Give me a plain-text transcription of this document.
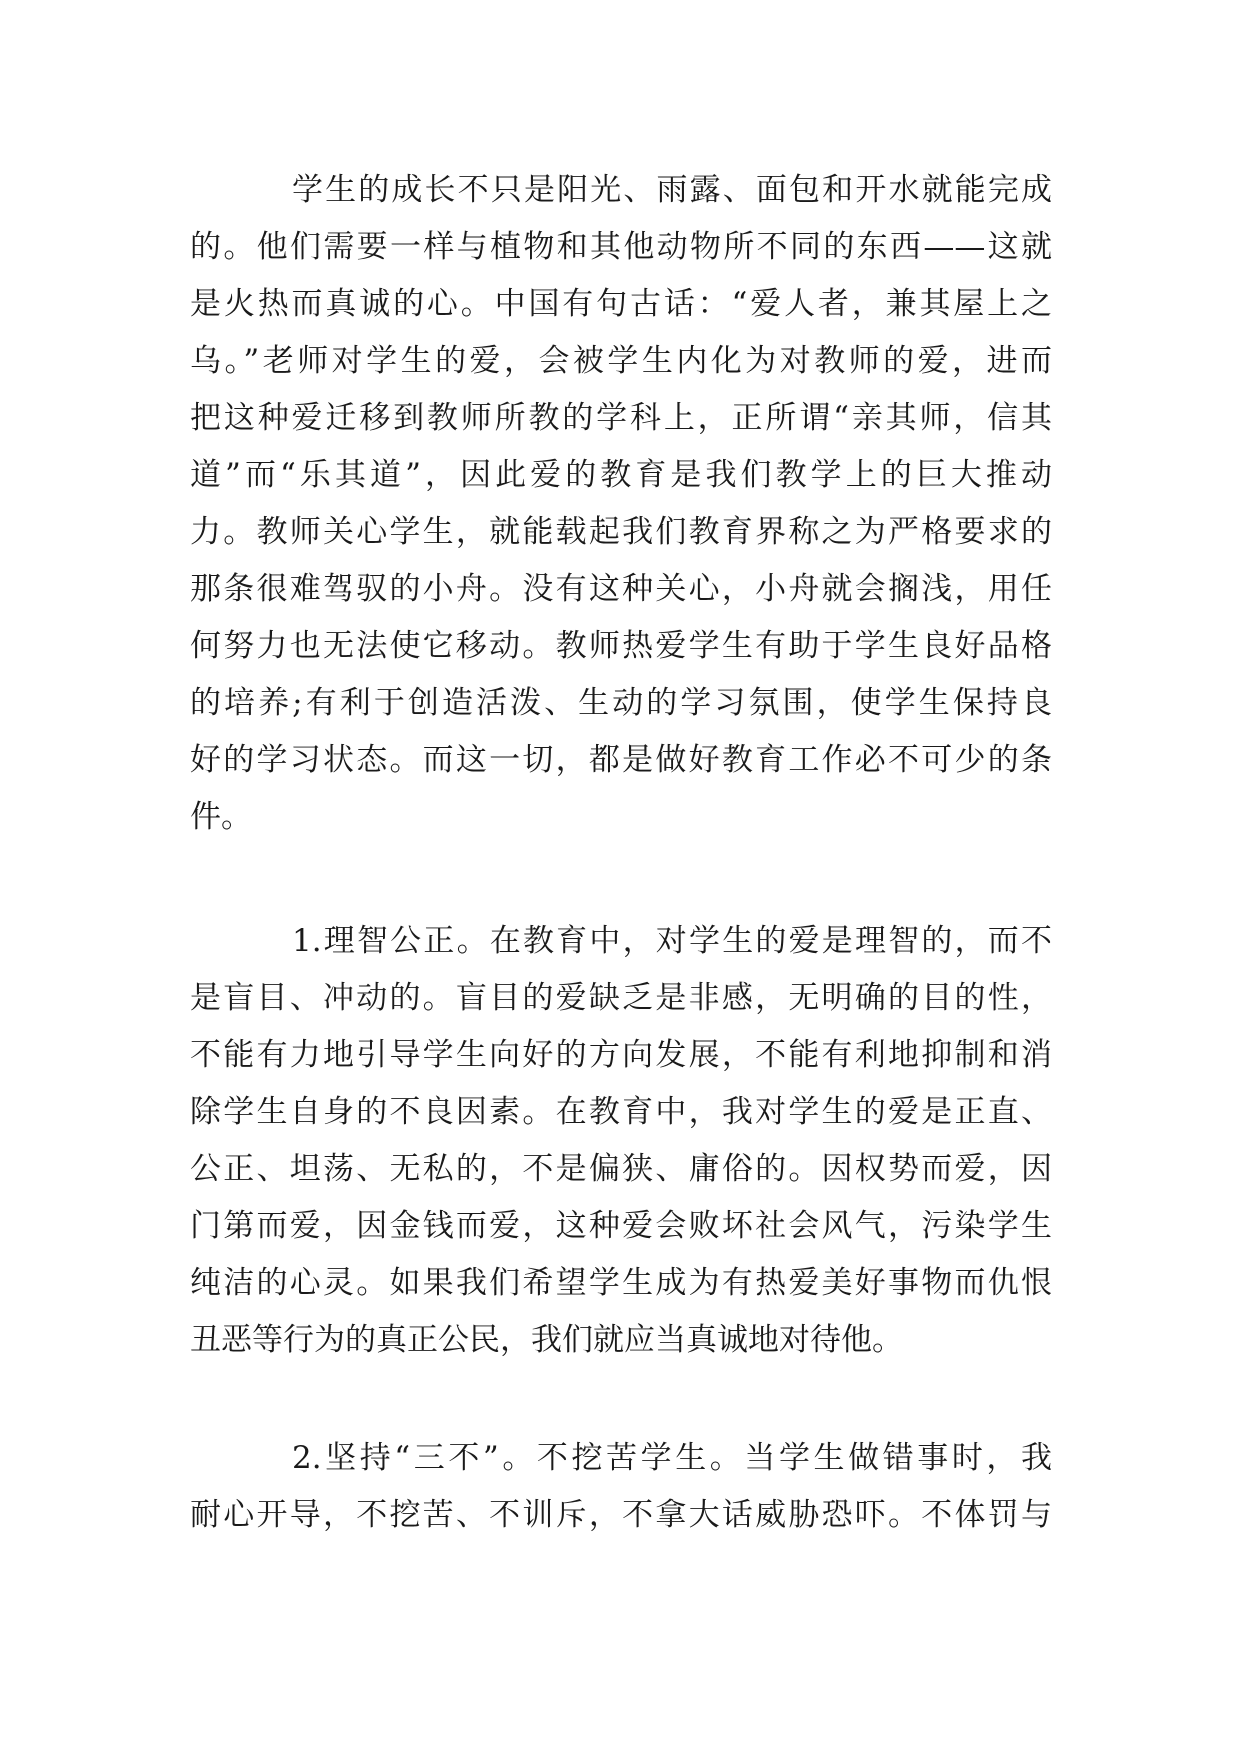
学生的成长不只是阳光、雨露、面包和开水就能完成
的。他们需要一样与植物和其他动物所不同的东西——这就
是火热而真诚的心。中国有句古话：“爱人者，兼其屋上之
乌。”老师对学生的爱，会被学生内化为对教师的爱，进而
把这种爱迁移到教师所教的学科上，正所谓“亲其师，信其
道”而“乐其道”，因此爱的教育是我们教学上的巨大推动
力。教师关心学生，就能载起我们教育界称之为严格要求的
那条很难驾驭的小舟。没有这种关心，小舟就会搁浅，用任
何努力也无法使它移动。教师热爱学生有助于学生良好品格
的培养;有利于创造活泼、生动的学习氛围，使学生保持良
好的学习状态。而这一切，都是做好教育工作必不可少的条
件。
1.理智公正。在教育中，对学生的爱是理智的，而不
是盲目、冲动的。盲目的爱缺乏是非感，无明确的目的性，
不能有力地引导学生向好的方向发展，不能有利地抑制和消
除学生自身的不良因素。在教育中，我对学生的爱是正直、
公正、坦荡、无私的，不是偏狭、庸俗的。因权势而爱，因
门第而爱，因金钱而爱，这种爱会败坏社会风气，污染学生
纯洁的心灵。如果我们希望学生成为有热爱美好事物而仇恨
丑恶等行为的真正公民，我们就应当真诚地对待他。
2.坚持“三不”。不挖苦学生。当学生做错事时，我
耐心开导，不挖苦、不训斥，不拿大话威胁恐吓。不体罚与
